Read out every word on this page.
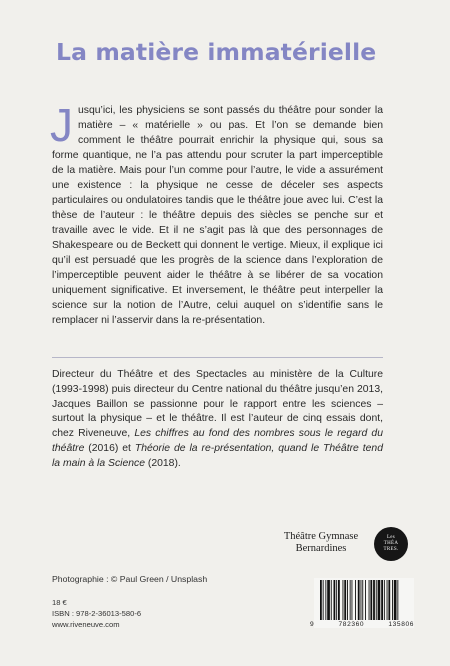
La matière immatérielle

Jusqu’ici, les physiciens se sont passés du théâtre pour sonder la matière – « matérielle » ou pas. Et l’on se demande bien comment le théâtre pourrait enrichir la physique qui, sous sa forme quantique, ne l’a pas attendu pour scruter la part imperceptible de la matière. Mais pour l’un comme pour l’autre, le vide a assurément une existence : la physique ne cesse de déceler ses aspects particulaires ou ondulatoires tandis que le théâtre joue avec lui. C’est la thèse de l’auteur : le théâtre depuis des siècles se penche sur et travaille avec le vide. Et il ne s’agit pas là que des personnages de Shakespeare ou de Beckett qui donnent le vertige. Mieux, il explique ici qu’il est persuadé que les progrès de la science dans l’exploration de l’imperceptible peuvent aider le théâtre à se libérer de sa vocation uniquement significative. Et inversement, le théâtre peut interpeller la science sur la notion de l’Autre, celui auquel on s’identifie sans le remplacer ni l’asservir dans la re-présentation.

Directeur du Théâtre et des Spectacles au ministère de la Culture (1993-1998) puis directeur du Centre national du théâtre jusqu’en 2013, Jacques Baillon se passionne pour le rapport entre les sciences – surtout la physique – et le théâtre. Il est l’auteur de cinq essais dont, chez Riveneuve, Les chiffres au fond des nombres sous le regard du théâtre (2016) et Théorie de la re-présentation, quand le Théâtre tend la main à la Science (2018).

Théâtre Gymnase
Bernardines
Les
THÉA
TRES.
Photographie : © Paul Green / Unsplash
18 €
ISBN : 978-2-36013-580-6
www.riveneuve.com	9	782360	135806
